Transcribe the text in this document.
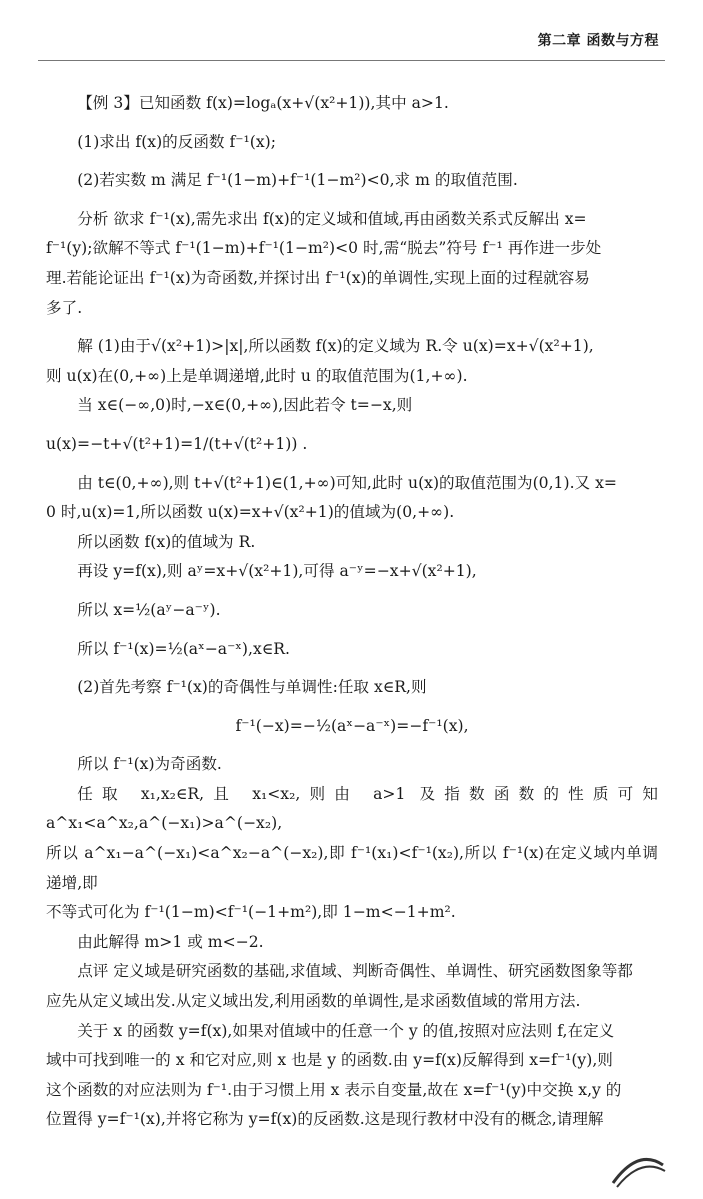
第二章 函数与方程

【例 3】已知函数 f(x)=logₐ(x+√(x²+1)),其中 a>1.

(1)求出 f(x)的反函数 f⁻¹(x);

(2)若实数 m 满足 f⁻¹(1−m)+f⁻¹(1−m²)<0,求 m 的取值范围.

分析 欲求 f⁻¹(x),需先求出 f(x)的定义域和值域,再由函数关系式反解出 x=

f⁻¹(y);欲解不等式 f⁻¹(1−m)+f⁻¹(1−m²)<0 时,需“脱去”符号 f⁻¹ 再作进一步处

理.若能论证出 f⁻¹(x)为奇函数,并探讨出 f⁻¹(x)的单调性,实现上面的过程就容易

多了.

解 (1)由于√(x²+1)>|x|,所以函数 f(x)的定义域为 R.令 u(x)=x+√(x²+1),

则 u(x)在(0,+∞)上是单调递增,此时 u 的取值范围为(1,+∞).

当 x∈(−∞,0)时,−x∈(0,+∞),因此若令 t=−x,则

u(x)=−t+√(t²+1)=1/(t+√(t²+1)) .

由 t∈(0,+∞),则 t+√(t²+1)∈(1,+∞)可知,此时 u(x)的取值范围为(0,1).又 x=

0 时,u(x)=1,所以函数 u(x)=x+√(x²+1)的值域为(0,+∞).

所以函数 f(x)的值域为 R.

再设 y=f(x),则 aʸ=x+√(x²+1),可得 a⁻ʸ=−x+√(x²+1),

所以 x=½(aʸ−a⁻ʸ).

所以 f⁻¹(x)=½(aˣ−a⁻ˣ),x∈R.

(2)首先考察 f⁻¹(x)的奇偶性与单调性:任取 x∈R,则

f⁻¹(−x)=−½(aˣ−a⁻ˣ)=−f⁻¹(x),

所以 f⁻¹(x)为奇函数.

任取 x₁,x₂∈R,且 x₁<x₂,则由 a>1 及指数函数的性质可知 a^x₁<a^x₂,a^(−x₁)>a^(−x₂),

所以 a^x₁−a^(−x₁)<a^x₂−a^(−x₂),即 f⁻¹(x₁)<f⁻¹(x₂),所以 f⁻¹(x)在定义域内单调递增,即

不等式可化为 f⁻¹(1−m)<f⁻¹(−1+m²),即 1−m<−1+m².

由此解得 m>1 或 m<−2.

点评 定义域是研究函数的基础,求值域、判断奇偶性、单调性、研究函数图象等都

应先从定义域出发.从定义域出发,利用函数的单调性,是求函数值域的常用方法.

关于 x 的函数 y=f(x),如果对值域中的任意一个 y 的值,按照对应法则 f,在定义

域中可找到唯一的 x 和它对应,则 x 也是 y 的函数.由 y=f(x)反解得到 x=f⁻¹(y),则

这个函数的对应法则为 f⁻¹.由于习惯上用 x 表示自变量,故在 x=f⁻¹(y)中交换 x,y 的

位置得 y=f⁻¹(x),并将它称为 y=f(x)的反函数.这是现行教材中没有的概念,请理解
